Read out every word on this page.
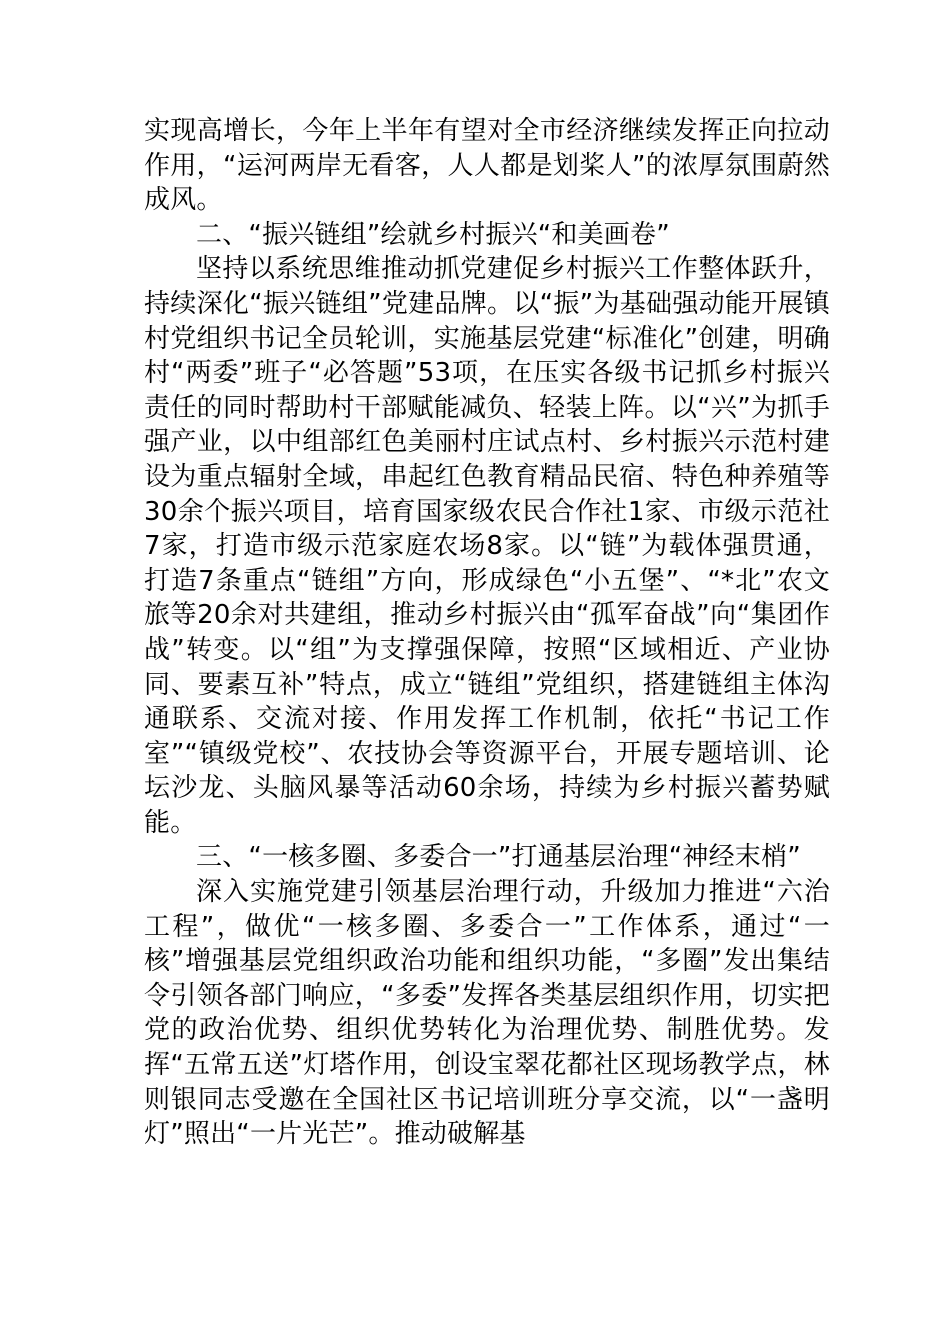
实现高增长，今年上半年有望对全市经济继续发挥正向拉动作用，“运河两岸无看客，人人都是划桨人”的浓厚氛围蔚然成风。

二、“振兴链组”绘就乡村振兴“和美画卷”

坚持以系统思维推动抓党建促乡村振兴工作整体跃升，持续深化“振兴链组”党建品牌。以“振”为基础强动能开展镇村党组织书记全员轮训，实施基层党建“标准化”创建，明确村“两委”班子“必答题”53项，在压实各级书记抓乡村振兴责任的同时帮助村干部赋能减负、轻装上阵。以“兴”为抓手强产业，以中组部红色美丽村庄试点村、乡村振兴示范村建设为重点辐射全域，串起红色教育精品民宿、特色种养殖等30余个振兴项目，培育国家级农民合作社1家、市级示范社7家，打造市级示范家庭农场8家。以“链”为载体强贯通，打造7条重点“链组”方向，形成绿色“小五堡”、“*北”农文旅等20余对共建组，推动乡村振兴由“孤军奋战”向“集团作战”转变。以“组”为支撑强保障，按照“区域相近、产业协同、要素互补”特点，成立“链组”党组织，搭建链组主体沟通联系、交流对接、作用发挥工作机制，依托“书记工作室”“镇级党校”、农技协会等资源平台，开展专题培训、论坛沙龙、头脑风暴等活动60余场，持续为乡村振兴蓄势赋能。

三、“一核多圈、多委合一”打通基层治理“神经末梢”

深入实施党建引领基层治理行动，升级加力推进“六治工程”，做优“一核多圈、多委合一”工作体系，通过“一核”增强基层党组织政治功能和组织功能，“多圈”发出集结令引领各部门响应，“多委”发挥各类基层组织作用，切实把党的政治优势、组织优势转化为治理优势、制胜优势。发挥“五常五送”灯塔作用，创设宝翠花都社区现场教学点，林则银同志受邀在全国社区书记培训班分享交流，以“一盏明灯”照出“一片光芒”。推动破解基
